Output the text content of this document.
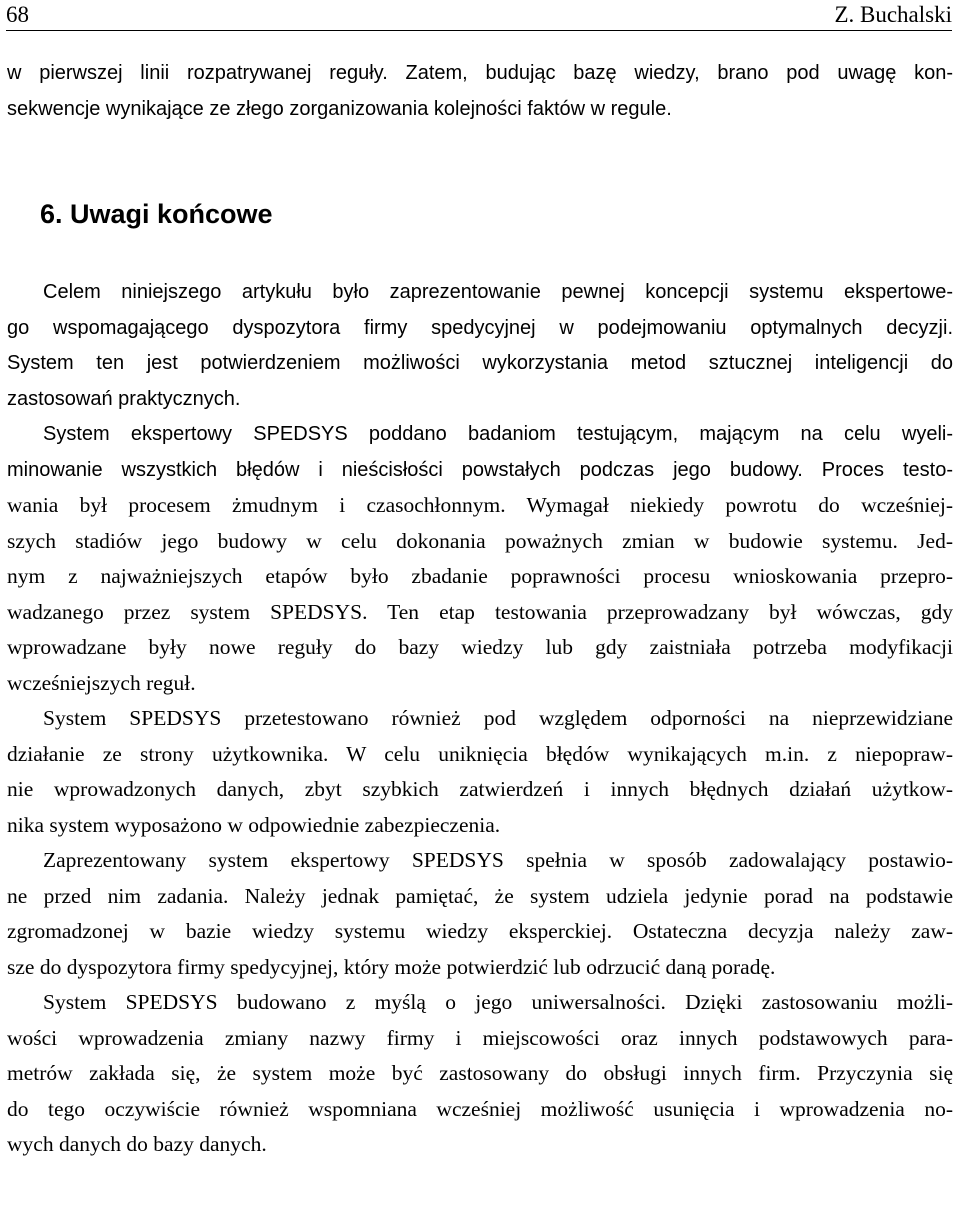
68	Z. Buchalski
w pierwszej linii rozpatrywanej reguły. Zatem, budując bazę wiedzy, brano pod uwagę kon-
sekwencje wynikające ze złego zorganizowania kolejności faktów w regule.
6. Uwagi końcowe
Celem niniejszego artykułu było zaprezentowanie pewnej koncepcji systemu ekspertowe-
go wspomagającego dyspozytora firmy spedycyjnej w podejmowaniu optymalnych decyzji.
System ten jest potwierdzeniem możliwości wykorzystania metod sztucznej inteligencji do
zastosowań praktycznych.
System ekspertowy SPEDSYS poddano badaniom testującym, mającym na celu wyeli-
minowanie wszystkich błędów i nieścisłości powstałych podczas jego budowy. Proces testo-
wania był procesem żmudnym i czasochłonnym. Wymagał niekiedy powrotu do wcześniej-
szych stadiów jego budowy w celu dokonania poważnych zmian w budowie systemu. Jed-
nym z najważniejszych etapów było zbadanie poprawności procesu wnioskowania przepro-
wadzanego przez system SPEDSYS. Ten etap testowania przeprowadzany był wówczas, gdy
wprowadzane były nowe reguły do bazy wiedzy lub gdy zaistniała potrzeba modyfikacji
wcześniejszych reguł.
System SPEDSYS przetestowano również pod względem odporności na nieprzewidziane
działanie ze strony użytkownika. W celu uniknięcia błędów wynikających m.in. z niepopraw-
nie wprowadzonych danych, zbyt szybkich zatwierdzeń i innych błędnych działań użytkow-
nika system wyposażono w odpowiednie zabezpieczenia.
Zaprezentowany system ekspertowy SPEDSYS spełnia w sposób zadowalający postawio-
ne przed nim zadania. Należy jednak pamiętać, że system udziela jedynie porad na podstawie
zgromadzonej w bazie wiedzy systemu wiedzy eksperckiej. Ostateczna decyzja należy zaw-
sze do dyspozytora firmy spedycyjnej, który może potwierdzić lub odrzucić daną poradę.
System SPEDSYS budowano z myślą o jego uniwersalności. Dzięki zastosowaniu możli-
wości wprowadzenia zmiany nazwy firmy i miejscowości oraz innych podstawowych para-
metrów zakłada się, że system może być zastosowany do obsługi innych firm. Przyczynia się
do tego oczywiście również wspomniana wcześniej możliwość usunięcia i wprowadzenia no-
wych danych do bazy danych.
